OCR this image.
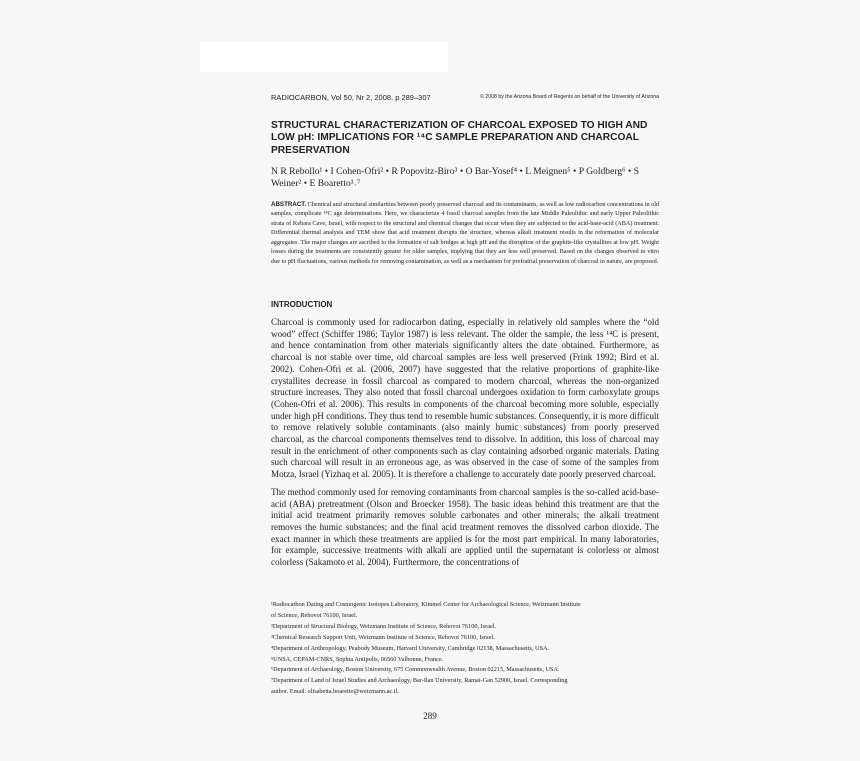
RADIOCARBON, Vol 50, Nr 2, 2008, p 289–307	© 2008 by the Arizona Board of Regents on behalf of the University of Arizona
STRUCTURAL CHARACTERIZATION OF CHARCOAL EXPOSED TO HIGH AND LOW pH: IMPLICATIONS FOR ¹⁴C SAMPLE PREPARATION AND CHARCOAL PRESERVATION
N R Rebollo¹ • I Cohen-Ofri² • R Popovitz-Biro³ • O Bar-Yosef⁴ • L Meignen⁵ • P Goldberg⁶ • S Weiner² • E Boaretto¹˒⁷
ABSTRACT. Chemical and structural similarities between poorly preserved charcoal and its contaminants, as well as low radiocarbon concentrations in old samples, complicate ¹⁴C age determinations. Here, we characterize 4 fossil charcoal samples from the late Middle Paleolithic and early Upper Paleolithic strata of Kebara Cave, Israel, with respect to the structural and chemical changes that occur when they are subjected to the acid-base-acid (ABA) treatment. Differential thermal analysis and TEM show that acid treatment disrupts the structure, whereas alkali treatment results in the reformation of molecular aggregates. The major changes are ascribed to the formation of salt bridges at high pH and the disruption of the graphite-like crystallites at low pH. Weight losses during the treatments are consistently greater for older samples, implying that they are less well preserved. Based on the changes observed in vitro due to pH fluctuations, various methods for removing contamination, as well as a mechanism for prefratrial preservation of charcoal in nature, are proposed.
INTRODUCTION

Charcoal is commonly used for radiocarbon dating, especially in relatively old samples where the “old wood” effect (Schiffer 1986; Taylor 1987) is less relevant. The older the sample, the less ¹⁴C is present, and hence contamination from other materials significantly alters the date obtained. Furthermore, as charcoal is not stable over time, old charcoal samples are less well preserved (Frink 1992; Bird et al. 2002). Cohen-Ofri et al. (2006, 2007) have suggested that the relative proportions of graphite-like crystallites decrease in fossil charcoal as compared to modern charcoal, whereas the non-organized structure increases. They also noted that fossil charcoal undergoes oxidation to form carboxylate groups (Cohen-Ofri et al. 2006). This results in components of the charcoal becoming more soluble, especially under high pH conditions. They thus tend to resemble humic substances. Consequently, it is more difficult to remove relatively soluble contaminants (also mainly humic substances) from poorly preserved charcoal, as the charcoal components themselves tend to dissolve. In addition, this loss of charcoal may result in the enrichment of other components such as clay containing adsorbed organic materials. Dating such charcoal will result in an erroneous age, as was observed in the case of some of the samples from Motza, Israel (Yizhaq et al. 2005). It is therefore a challenge to accurately date poorly preserved charcoal.

The method commonly used for removing contaminants from charcoal samples is the so-called acid-base-acid (ABA) pretreatment (Olson and Broecker 1958). The basic ideas behind this treatment are that the initial acid treatment primarily removes soluble carbonates and other minerals; the alkali treatment removes the humic substances; and the final acid treatment removes the dissolved carbon dioxide. The exact manner in which these treatments are applied is for the most part empirical. In many laboratories, for example, successive treatments with alkali are applied until the supernatant is colorless or almost colorless (Sakamoto et al. 2004). Furthermore, the concentrations of

¹Radiocarbon Dating and Cosmogenic Isotopes Laboratory, Kimmel Center for Archaeological Science, Weizmann Institute
of Science, Rehovot 76100, Israel.
²Department of Structural Biology, Weizmann Institute of Science, Rehovot 76100, Israel.
³Chemical Research Support Unit, Weizmann Institute of Science, Rehovot 76100, Israel.
⁴Department of Anthropology, Peabody Museum, Harvard University, Cambridge 02138, Massachusetts, USA.
⁵UNSA, CEPAM-CNRS, Sophia Antipolis, 06560 Valbonne, France.
⁶Department of Archaeology, Boston University, 675 Commonwealth Avenue, Boston 02215, Massachusetts, USA.
⁷Department of Land of Israel Studies and Archaeology, Bar-Ilan University, Ramat-Gan 52900, Israel. Corresponding
author. Email: elisabetta.boaretto@weizmann.ac.il.
289
